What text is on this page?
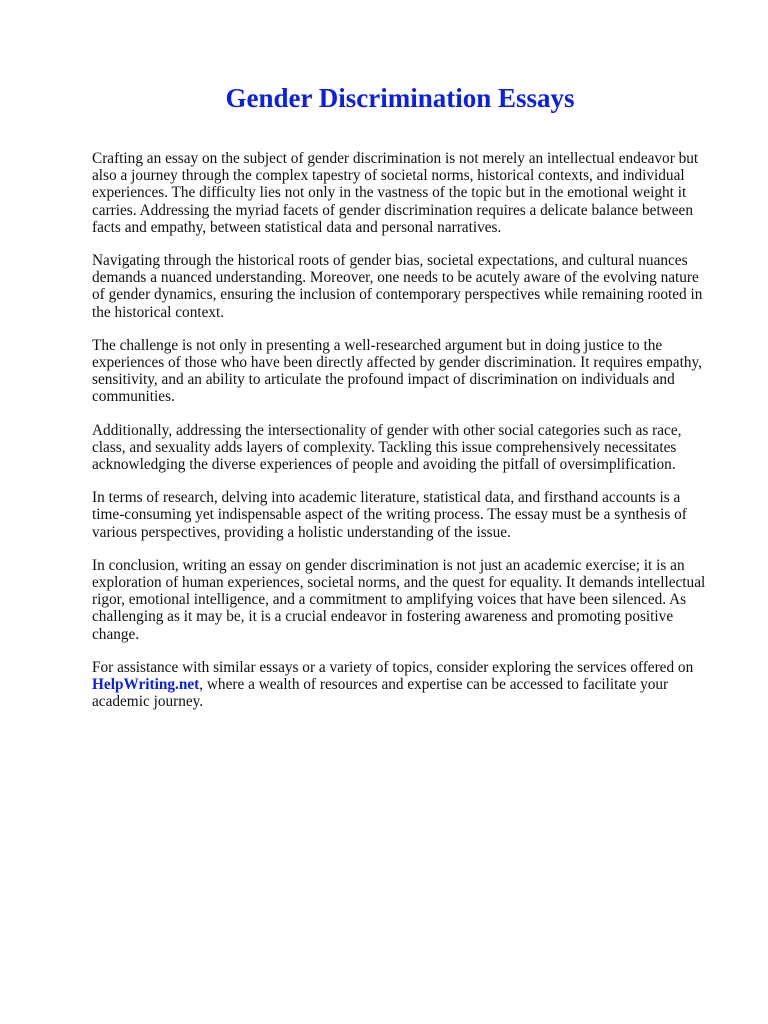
Gender Discrimination Essays

Crafting an essay on the subject of gender discrimination is not merely an intellectual endeavor but also a journey through the complex tapestry of societal norms, historical contexts, and individual experiences. The difficulty lies not only in the vastness of the topic but in the emotional weight it carries. Addressing the myriad facets of gender discrimination requires a delicate balance between facts and empathy, between statistical data and personal narratives.

Navigating through the historical roots of gender bias, societal expectations, and cultural nuances demands a nuanced understanding. Moreover, one needs to be acutely aware of the evolving nature of gender dynamics, ensuring the inclusion of contemporary perspectives while remaining rooted in the historical context.

The challenge is not only in presenting a well-researched argument but in doing justice to the experiences of those who have been directly affected by gender discrimination. It requires empathy, sensitivity, and an ability to articulate the profound impact of discrimination on individuals and communities.

Additionally, addressing the intersectionality of gender with other social categories such as race, class, and sexuality adds layers of complexity. Tackling this issue comprehensively necessitates acknowledging the diverse experiences of people and avoiding the pitfall of oversimplification.

In terms of research, delving into academic literature, statistical data, and firsthand accounts is a time-consuming yet indispensable aspect of the writing process. The essay must be a synthesis of various perspectives, providing a holistic understanding of the issue.

In conclusion, writing an essay on gender discrimination is not just an academic exercise; it is an exploration of human experiences, societal norms, and the quest for equality. It demands intellectual rigor, emotional intelligence, and a commitment to amplifying voices that have been silenced. As challenging as it may be, it is a crucial endeavor in fostering awareness and promoting positive change.

For assistance with similar essays or a variety of topics, consider exploring the services offered on HelpWriting.net, where a wealth of resources and expertise can be accessed to facilitate your academic journey.
